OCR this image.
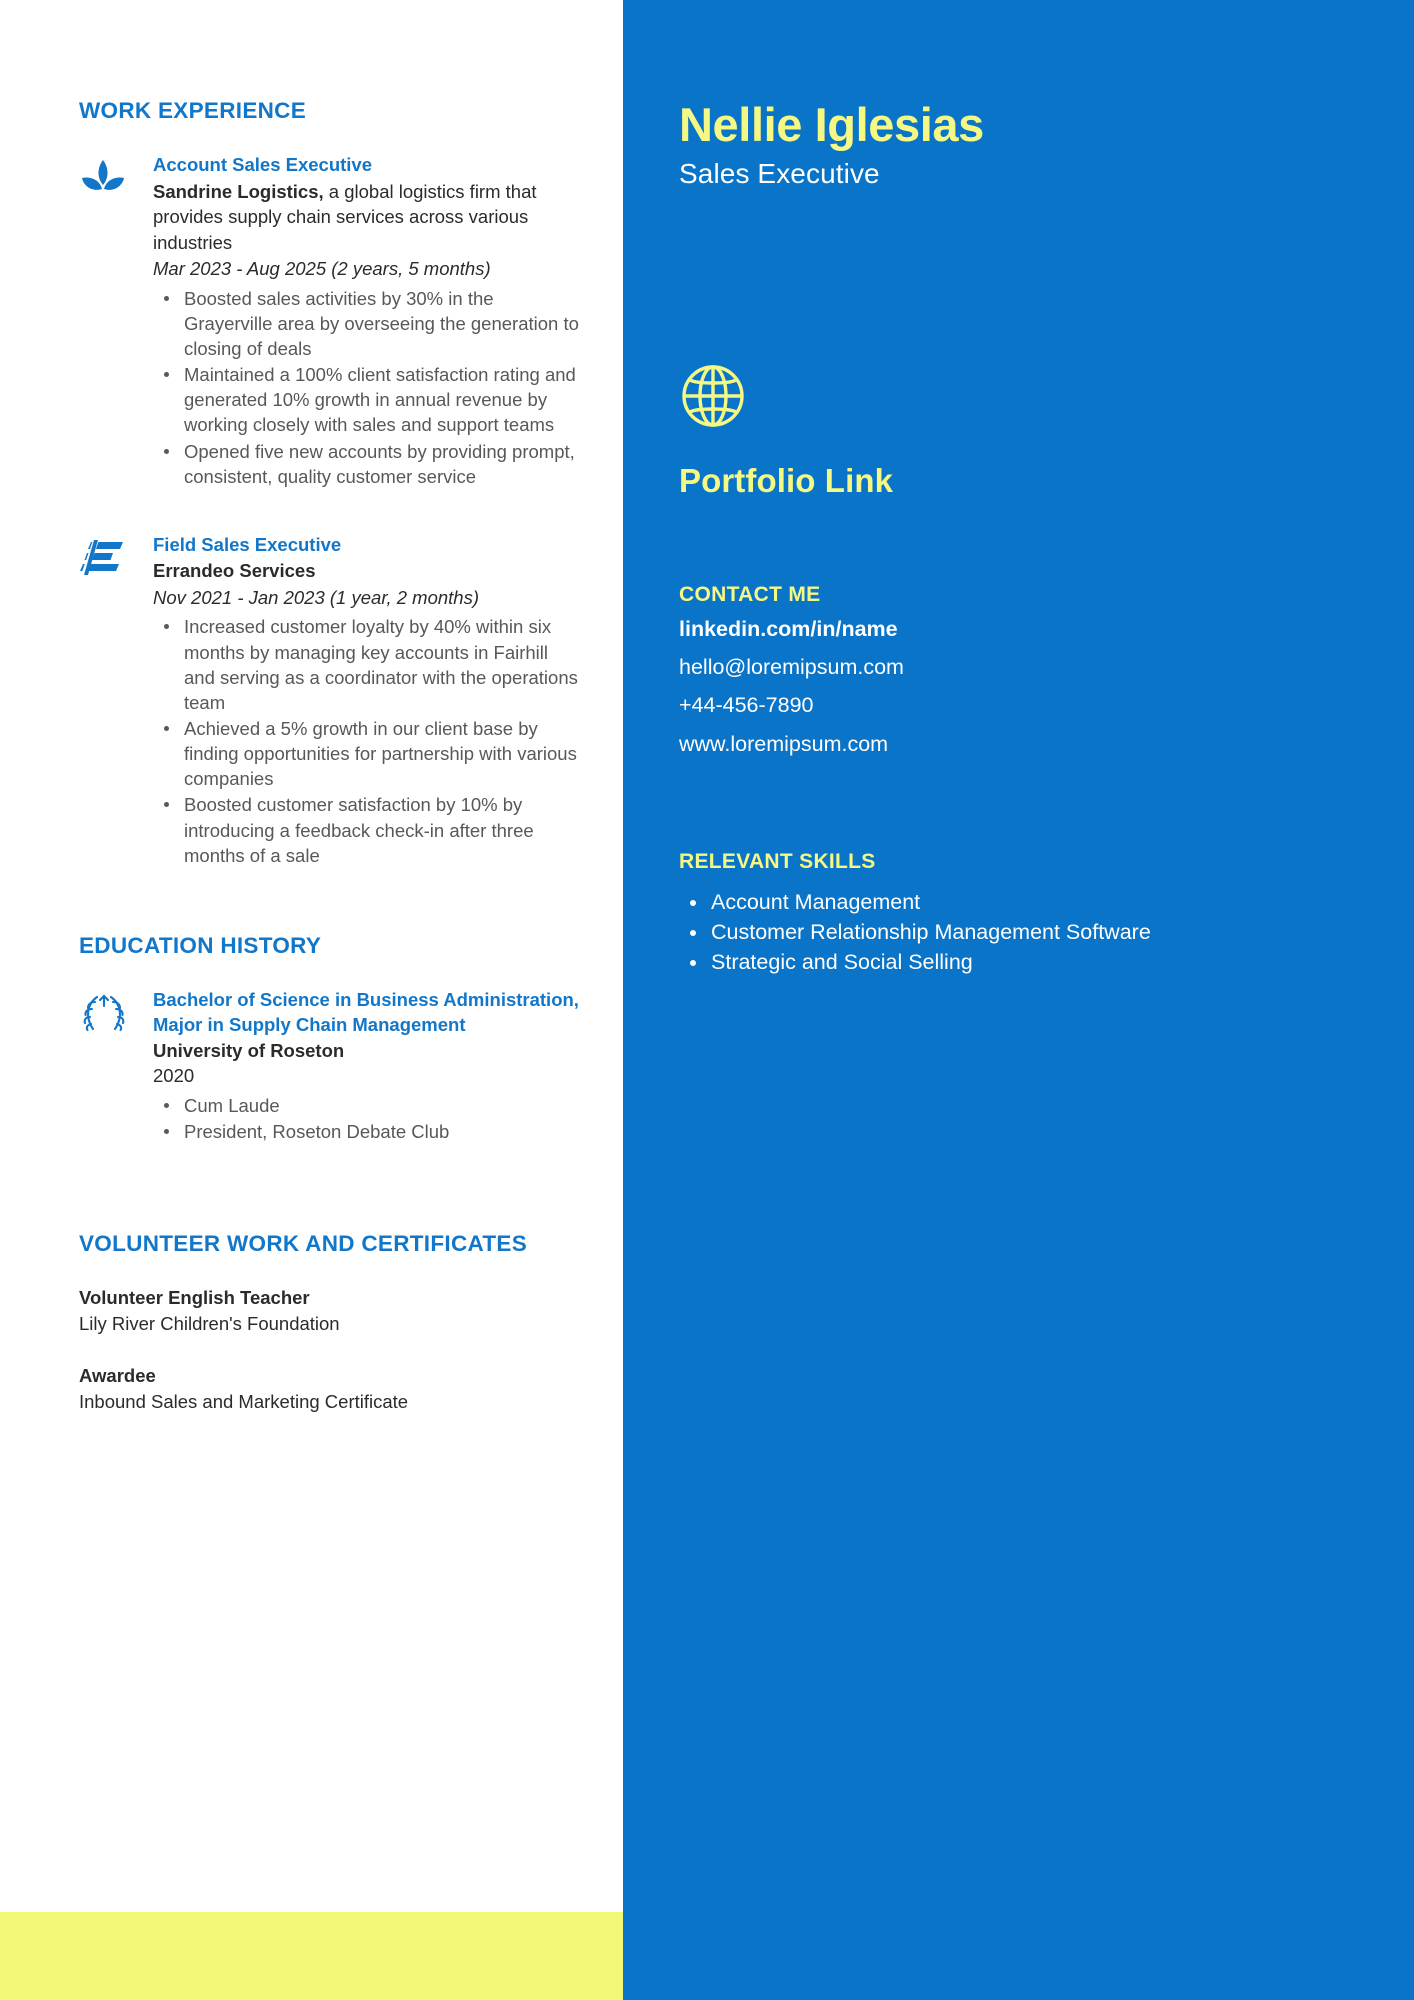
WORK EXPERIENCE
Account Sales Executive
Sandrine Logistics, a global logistics firm that provides supply chain services across various industries
Mar 2023 - Aug 2025 (2 years, 5 months)
Boosted sales activities by 30% in the Grayerville area by overseeing the generation to closing of deals
Maintained a 100% client satisfaction rating and generated 10% growth in annual revenue by working closely with sales and support teams
Opened five new accounts by providing prompt, consistent, quality customer service
Field Sales Executive
Errandeo Services
Nov 2021 - Jan 2023 (1 year, 2 months)
Increased customer loyalty by 40% within six months by managing key accounts in Fairhill and serving as a coordinator with the operations team
Achieved a 5% growth in our client base by finding opportunities for partnership with various companies
Boosted customer satisfaction by 10% by introducing a feedback check-in after three months of a sale
EDUCATION HISTORY
Bachelor of Science in Business Administration, Major in Supply Chain Management
University of Roseton
2020
Cum Laude
President, Roseton Debate Club
VOLUNTEER WORK AND CERTIFICATES
Volunteer English Teacher
Lily River Children's Foundation
Awardee
Inbound Sales and Marketing Certificate
Nellie Iglesias
Sales Executive
Portfolio Link
CONTACT ME
linkedin.com/in/name
hello@loremipsum.com
+44-456-7890
www.loremipsum.com
RELEVANT SKILLS
Account Management
Customer Relationship Management Software
Strategic and Social Selling
